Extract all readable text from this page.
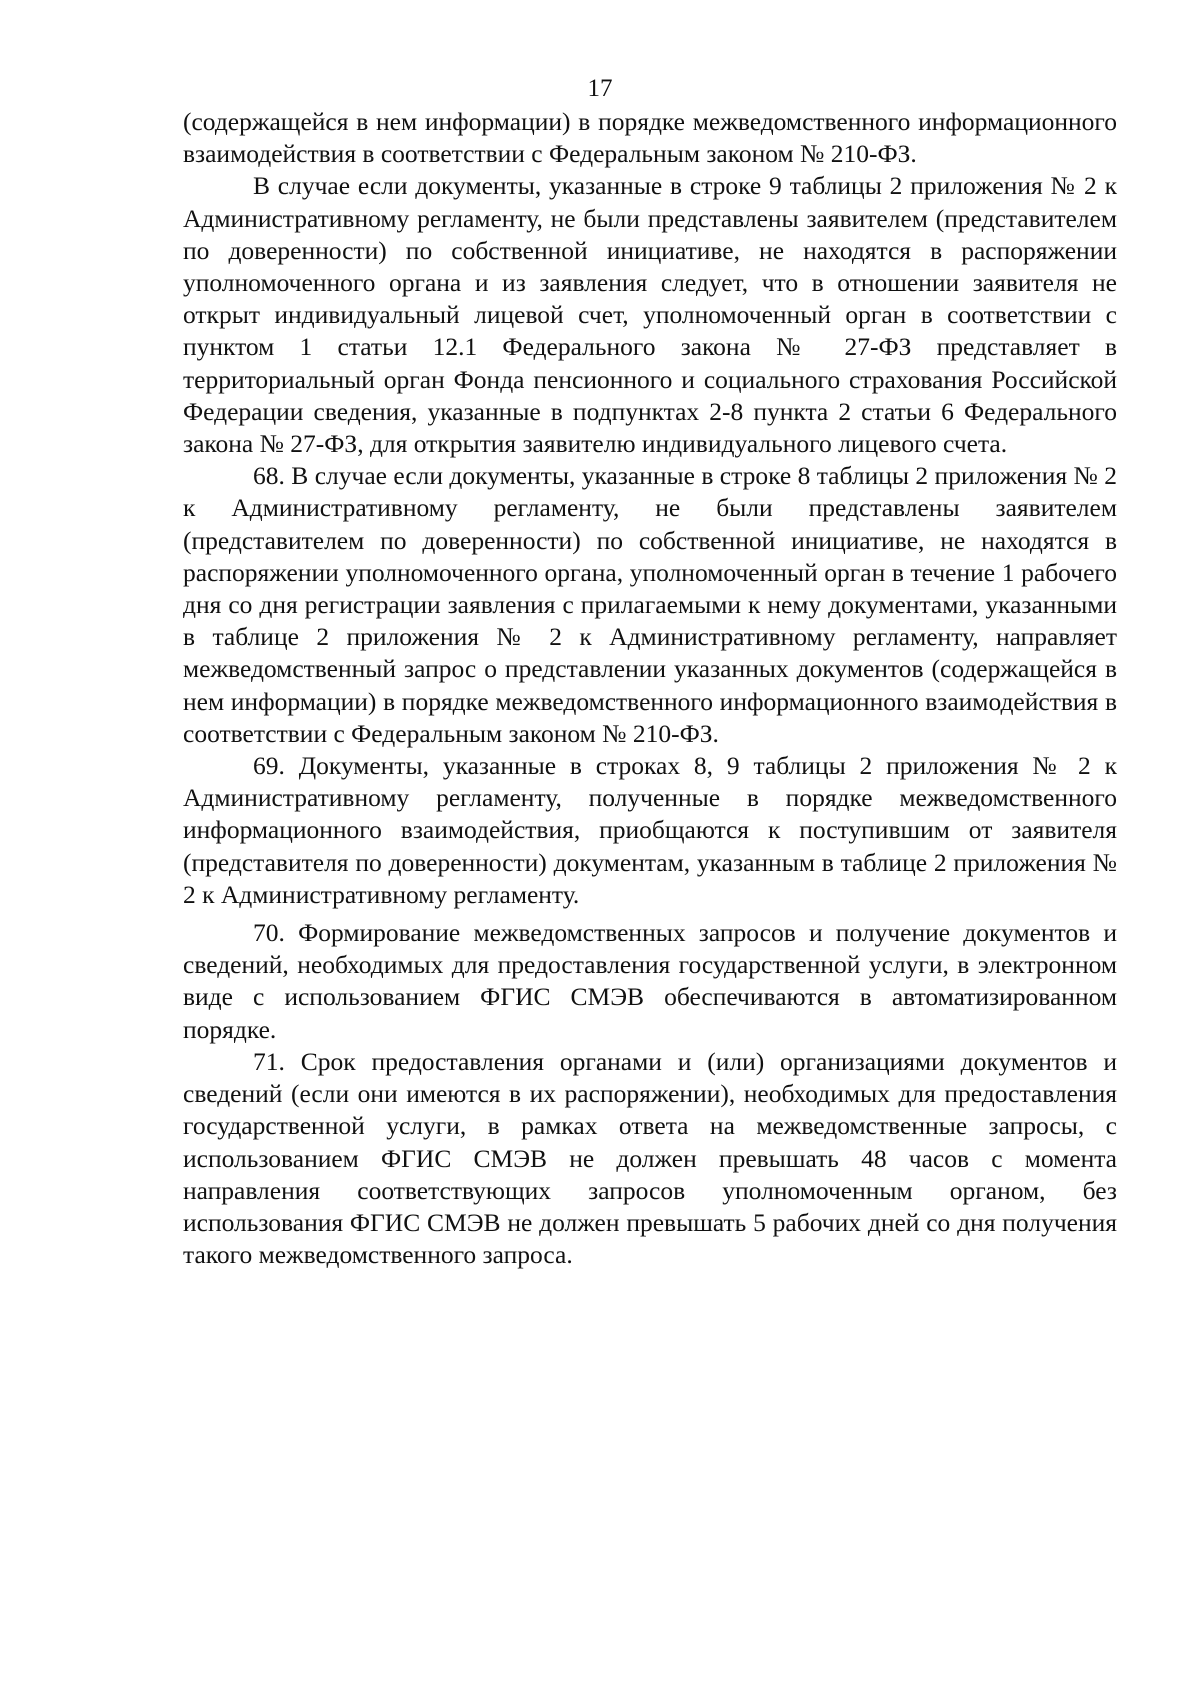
17

(содержащейся в нем информации) в порядке межведомственного информационного взаимодействия в соответствии с Федеральным законом № 210-ФЗ.

В случае если документы, указанные в строке 9 таблицы 2 приложения № 2 к Административному регламенту, не были представлены заявителем (представителем по доверенности) по собственной инициативе, не находятся в распоряжении уполномоченного органа и из заявления следует, что в отношении заявителя не открыт индивидуальный лицевой счет, уполномоченный орган в соответствии с пунктом 1 статьи 12.1 Федерального закона № 27-ФЗ представляет в территориальный орган Фонда пенсионного и социального страхования Российской Федерации сведения, указанные в подпунктах 2-8 пункта 2 статьи 6 Федерального закона № 27-ФЗ, для открытия заявителю индивидуального лицевого счета.

68. В случае если документы, указанные в строке 8 таблицы 2 приложения № 2 к Административному регламенту, не были представлены заявителем (представителем по доверенности) по собственной инициативе, не находятся в распоряжении уполномоченного органа, уполномоченный орган в течение 1 рабочего дня со дня регистрации заявления с прилагаемыми к нему документами, указанными в таблице 2 приложения № 2 к Административному регламенту, направляет межведомственный запрос о представлении указанных документов (содержащейся в нем информации) в порядке межведомственного информационного взаимодействия в соответствии с Федеральным законом № 210-ФЗ.

69. Документы, указанные в строках 8, 9 таблицы 2 приложения № 2 к Административному регламенту, полученные в порядке межведомственного информационного взаимодействия, приобщаются к поступившим от заявителя (представителя по доверенности) документам, указанным в таблице 2 приложения № 2 к Административному регламенту.

70. Формирование межведомственных запросов и получение документов и сведений, необходимых для предоставления государственной услуги, в электронном виде с использованием ФГИС СМЭВ обеспечиваются в автоматизированном порядке.

71. Срок предоставления органами и (или) организациями документов и сведений (если они имеются в их распоряжении), необходимых для предоставления государственной услуги, в рамках ответа на межведомственные запросы, с использованием ФГИС СМЭВ не должен превышать 48 часов с момента направления соответствующих запросов уполномоченным органом, без использования ФГИС СМЭВ не должен превышать 5 рабочих дней со дня получения такого межведомственного запроса.
